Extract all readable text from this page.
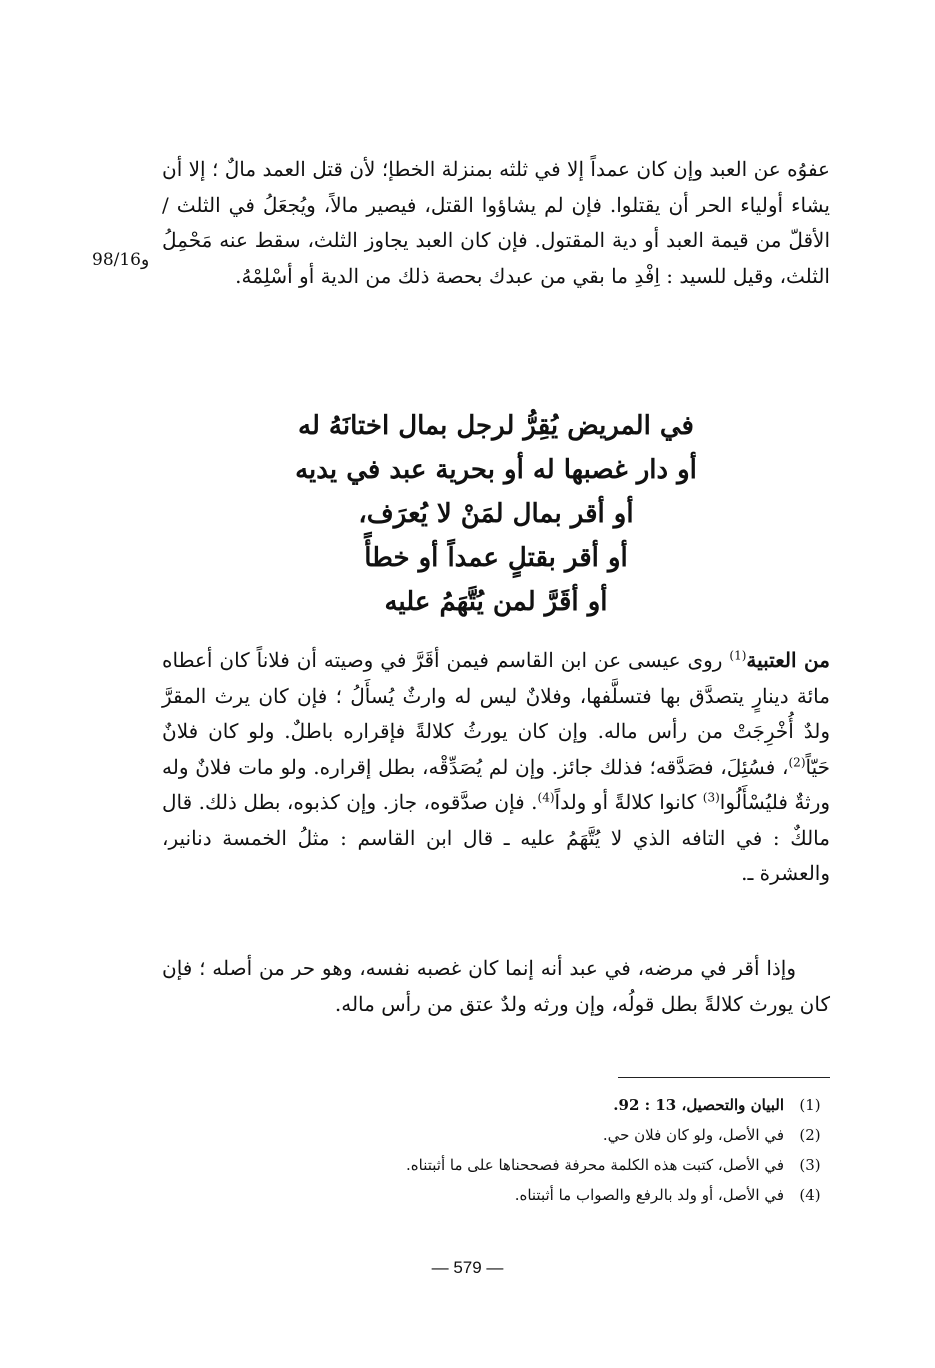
98/16و
عفوُه عن العبد وإن كان عمداً إلا في ثلثه بمنزلة الخطإ؛ لأن قتل العمد مالٌ ؛ إلا أن يشاء أولياء الحر أن يقتلوا. فإن لم يشاؤوا القتل، فيصير مالاً، ويُجعَلُ في الثلث / الأقلّ من قيمة العبد أو دية المقتول. فإن كان العبد يجاوز الثلث، سقط عنه مَحْمِلُ الثلث، وقيل للسيد : اِفْدِ ما بقي من عبدك بحصة ذلك من الدية أو أسْلِمْهُ.
في المريض يُقِرُّ لرجل بمال اختانَهُ له
أو دار غصبها له أو بحرية عبد في يديه
أو أقر بمال لمَنْ لا يُعرَف،
أو أقر بقتلٍ عمداً أو خطأً
أو أقَرَّ لمن يُتَّهَمُ عليه
من العتبية$^{(1)}$ روى عيسى عن ابن القاسم فيمن أقَرَّ في وصيته أن فلاناً كان أعطاه مائة دينارٍ يتصدَّق بها فتسلَّفها، وفلانٌ ليس له وارثٌ يُسأَلُ ؛ فإن كان يرث المقرَّ ولدٌ أُخْرِجَتْ من رأس ماله. وإن كان يورثُ كلالةً فإقراره باطلٌ. ولو كان فلانٌ حَيّاً$^{(2)}$، فسُئِلَ، فصَدَّقه؛ فذلك جائز. وإن لم يُصَدِّقْه، بطل إقراره. ولو مات فلانٌ وله ورثةٌ فليُسْأَلُوا$^{(3)}$ كانوا كلالةً أو ولداً$^{(4)}$. فإن صدَّقوه، جاز. وإن كذبوه، بطل ذلك. قال مالكٌ : في التافه الذي لا يُتَّهَمُ عليه ـ قال ابن القاسم : مثلُ الخمسة دنانير، والعشرة ـ.
وإذا أقر في مرضه، في عبد أنه إنما كان غصبه نفسه، وهو حر من أصله ؛ فإن كان يورث كلالةً بطل قولُه، وإن ورثه ولدٌ عتق من رأس ماله.
(1)
البيان والتحصيل، 13 : 92.
(2)
في الأصل، ولو كان فلان حي.
(3)
في الأصل، كتبت هذه الكلمة محرفة فصححناها على ما أثبتناه.
(4)
في الأصل، أو ولد بالرفع والصواب ما أثبتناه.
— 579 —
